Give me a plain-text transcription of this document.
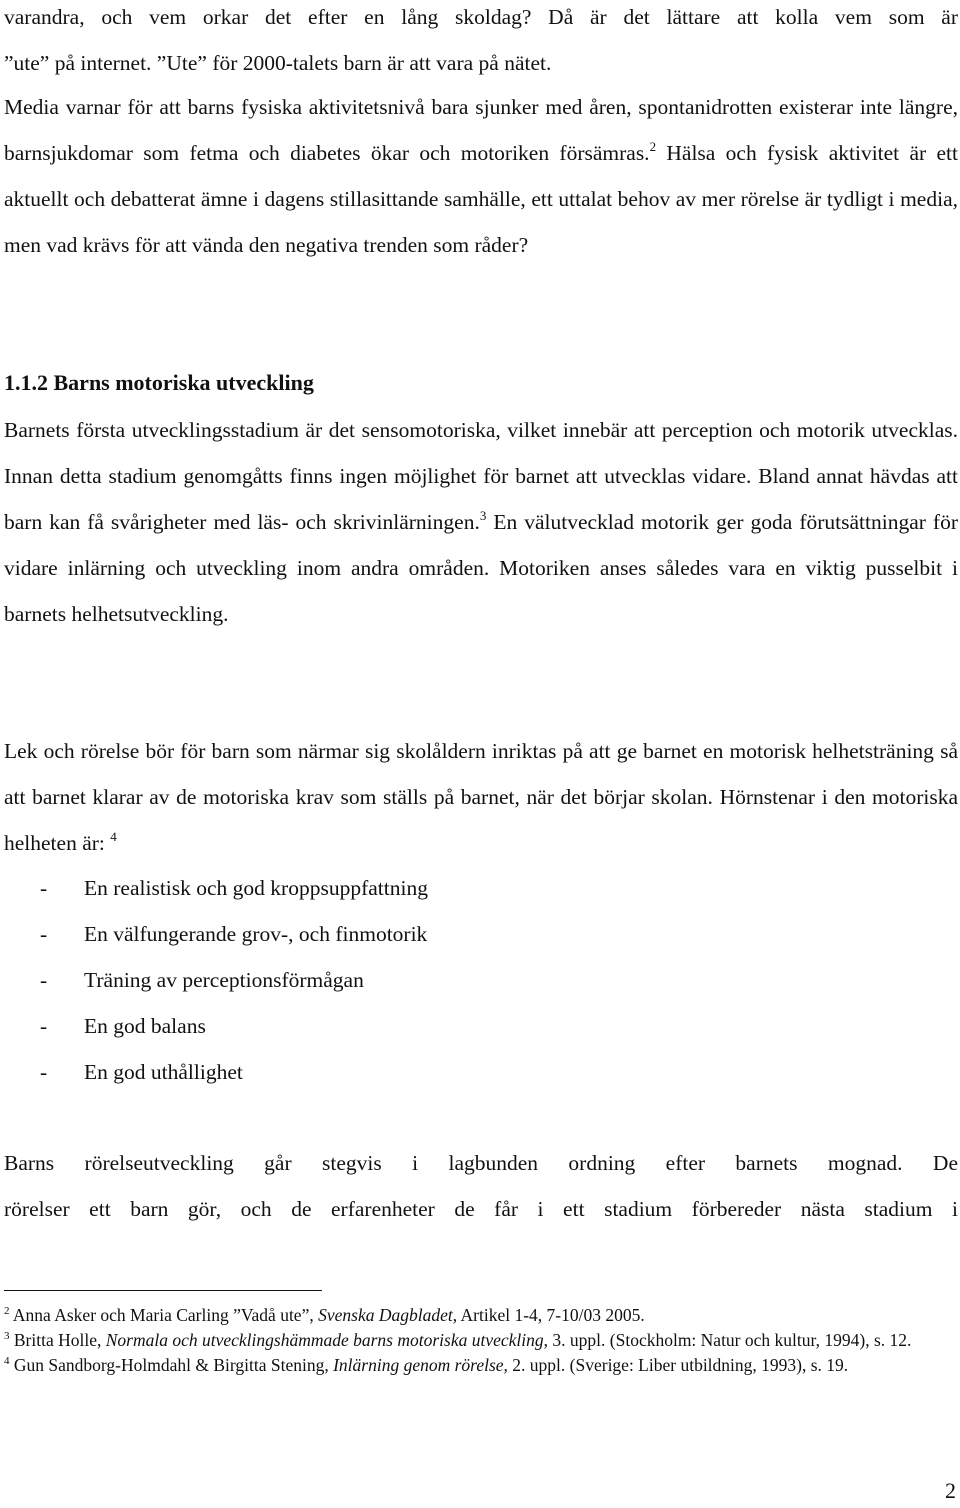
varandra, och vem orkar det efter en lång skoldag? Då är det lättare att kolla vem som är

”ute” på internet. ”Ute” för 2000-talets barn är att vara på nätet.

Media varnar för att barns fysiska aktivitetsnivå bara sjunker med åren, spontanidrotten existerar inte längre, barnsjukdomar som fetma och diabetes ökar och motoriken försämras.$^2$ Hälsa och fysisk aktivitet är ett aktuellt och debatterat ämne i dagens stillasittande samhälle, ett uttalat behov av mer rörelse är tydligt i media, men vad krävs för att vända den negativa trenden som råder?

1.1.2 Barns motoriska utveckling

Barnets första utvecklingsstadium är det sensomotoriska, vilket innebär att perception och motorik utvecklas. Innan detta stadium genomgåtts finns ingen möjlighet för barnet att utvecklas vidare. Bland annat hävdas att barn kan få svårigheter med läs- och skrivinlärningen.$^3$ En välutvecklad motorik ger goda förutsättningar för vidare inlärning och utveckling inom andra områden. Motoriken anses således vara en viktig pusselbit i barnets helhetsutveckling.

Lek och rörelse bör för barn som närmar sig skolåldern inriktas på att ge barnet en motorisk helhetsträning så att barnet klarar av de motoriska krav som ställs på barnet, när det börjar skolan. Hörnstenar i den motoriska helheten är: $^4$

-	En realistisk och god kroppsuppfattning
-	En välfungerande grov-, och finmotorik
-	Träning av perceptionsförmågan
-	En god balans
-	En god uthållighet

Barns rörelseutveckling går stegvis i lagbunden ordning efter barnets mognad. De

rörelser ett barn gör, och de erfarenheter de får i ett stadium förbereder nästa stadium i

$^2$ Anna Asker och Maria Carling ”Vadå ute”, Svenska Dagbladet, Artikel 1-4, 7-10/03 2005.

$^3$ Britta Holle, Normala och utvecklingshämmade barns motoriska utveckling, 3. uppl. (Stockholm: Natur och kultur, 1994), s. 12.

$^4$ Gun Sandborg-Holmdahl & Birgitta Stening, Inlärning genom rörelse, 2. uppl. (Sverige: Liber utbildning, 1993), s. 19.

2
